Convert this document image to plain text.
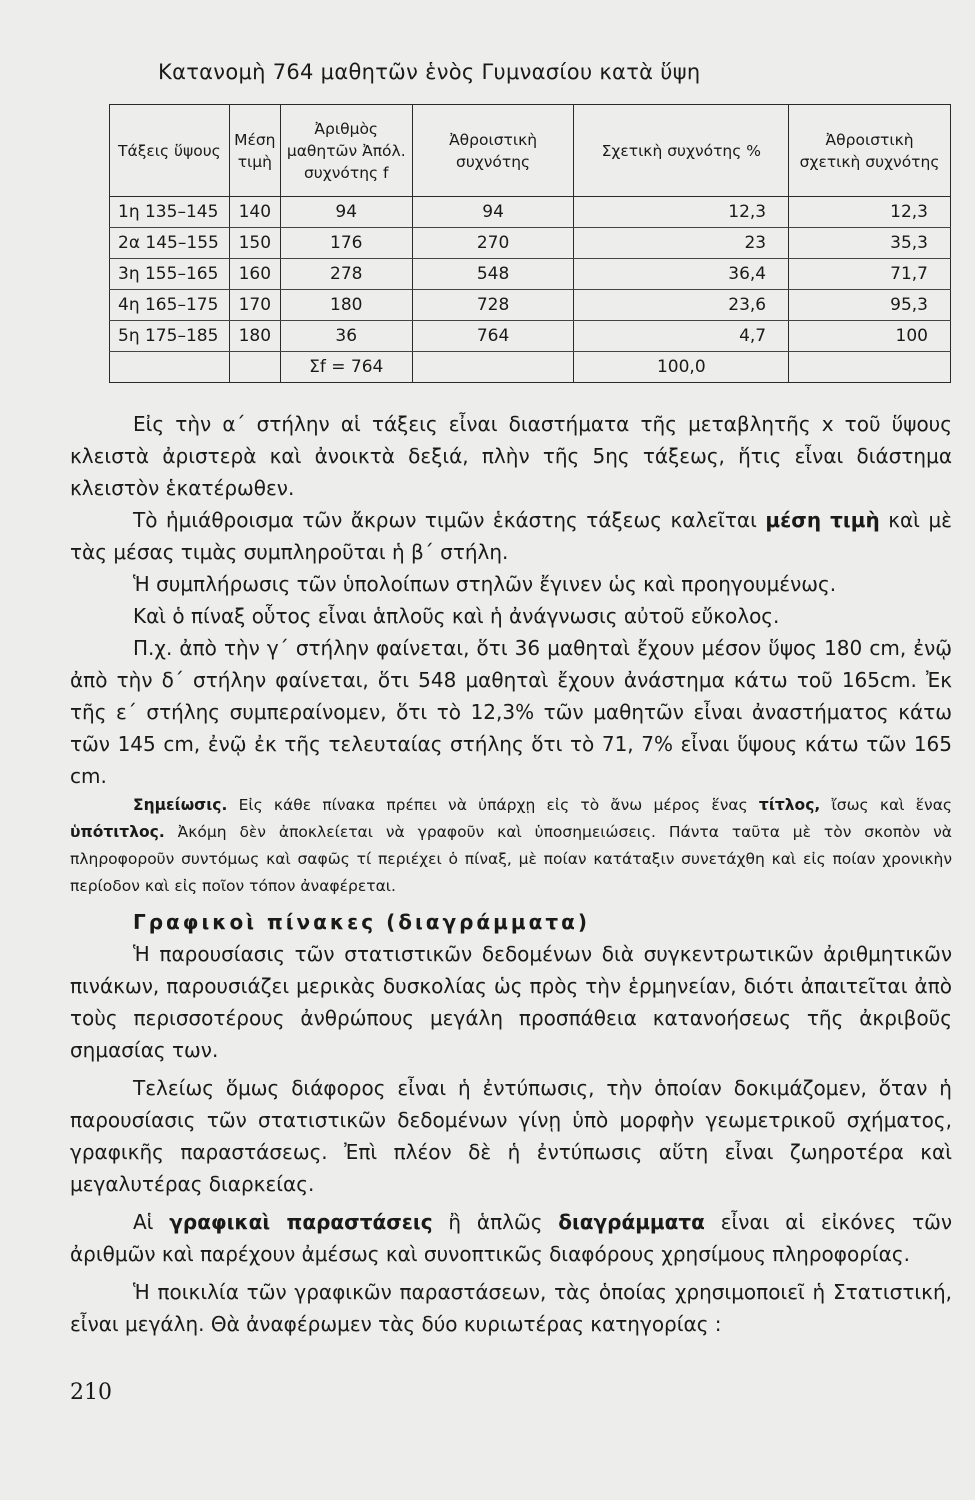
Κατανομὴ 764 μαθητῶν ἑνὸς Γυμνασίου κατὰ ὕψη
Τάξεις ὕψους	Μέση τιμὴ	Ἀριθμὸς μαθητῶν Ἀπόλ. συχνότης f	Ἀθροιστικὴ συχνότης	Σχετικὴ συχνότης %	Ἀθροιστικὴ σχετικὴ συχνότης
1η 135–145	140	94	94	12,3	12,3
2α 145–155	150	176	270	23	35,3
3η 155–165	160	278	548	36,4	71,7
4η 165–175	170	180	728	23,6	95,3
5η 175–185	180	36	764	4,7	100
		Σf = 764		100,0	

Εἰς τὴν α΄ στήλην αἱ τάξεις εἶναι διαστήματα τῆς μεταβλητῆς x τοῦ ὕψους κλειστὰ ἀριστερὰ καὶ ἀνοικτὰ δεξιά, πλὴν τῆς 5ης τάξεως, ἥτις εἶναι διάστημα κλειστὸν ἑκατέρωθεν.

Τὸ ἡμιάθροισμα τῶν ἄκρων τιμῶν ἑκάστης τάξεως καλεῖται μέση τιμὴ καὶ μὲ τὰς μέσας τιμὰς συμπληροῦται ἡ β΄ στήλη.

Ἡ συμπλήρωσις τῶν ὑπολοίπων στηλῶν ἔγινεν ὡς καὶ προηγουμένως.

Καὶ ὁ πίναξ οὗτος εἶναι ἁπλοῦς καὶ ἡ ἀνάγνωσις αὐτοῦ εὔκολος.

Π.χ. ἀπὸ τὴν γ΄ στήλην φαίνεται, ὅτι 36 μαθηταὶ ἔχουν μέσον ὕψος 180 cm, ἐνῷ ἀπὸ τὴν δ΄ στήλην φαίνεται, ὅτι 548 μαθηταὶ ἔχουν ἀνάστημα κάτω τοῦ 165cm. Ἐκ τῆς ε΄ στήλης συμπεραίνομεν, ὅτι τὸ 12,3% τῶν μαθητῶν εἶναι ἀναστήματος κάτω τῶν 145 cm, ἐνῷ ἐκ τῆς τελευταίας στήλης ὅτι τὸ 71, 7% εἶναι ὕψους κάτω τῶν 165 cm.

Σημείωσις. Εἰς κάθε πίνακα πρέπει νὰ ὑπάρχῃ εἰς τὸ ἄνω μέρος ἕνας τίτλος, ἴσως καὶ ἕνας ὑπότιτλος. Ἀκόμη δὲν ἀποκλείεται νὰ γραφοῦν καὶ ὑποσημειώσεις. Πάντα ταῦτα μὲ τὸν σκοπὸν νὰ πληροφοροῦν συντόμως καὶ σαφῶς τί περιέχει ὁ πίναξ, μὲ ποίαν κατάταξιν συνετάχθη καὶ εἰς ποίαν χρονικὴν περίοδον καὶ εἰς ποῖον τόπον ἀναφέρεται.

Γραφικοὶ πίνακες (διαγράμματα)

Ἡ παρουσίασις τῶν στατιστικῶν δεδομένων διὰ συγκεντρωτικῶν ἀριθμητικῶν πινάκων, παρουσιάζει μερικὰς δυσκολίας ὡς πρὸς τὴν ἑρμηνείαν, διότι ἀπαιτεῖται ἀπὸ τοὺς περισσοτέρους ἀνθρώπους μεγάλη προσπάθεια κατανοήσεως τῆς ἀκριβοῦς σημασίας των.

Τελείως ὅμως διάφορος εἶναι ἡ ἐντύπωσις, τὴν ὁποίαν δοκιμάζομεν, ὅταν ἡ παρουσίασις τῶν στατιστικῶν δεδομένων γίνῃ ὑπὸ μορφὴν γεωμετρικοῦ σχήματος, γραφικῆς παραστάσεως. Ἐπὶ πλέον δὲ ἡ ἐντύπωσις αὕτη εἶναι ζωηροτέρα καὶ μεγαλυτέρας διαρκείας.

Αἱ γραφικαὶ παραστάσεις ἢ ἁπλῶς διαγράμματα εἶναι αἱ εἰκόνες τῶν ἀριθμῶν καὶ παρέχουν ἀμέσως καὶ συνοπτικῶς διαφόρους χρησίμους πληροφορίας.

Ἡ ποικιλία τῶν γραφικῶν παραστάσεων, τὰς ὁποίας χρησιμοποιεῖ ἡ Στατιστική, εἶναι μεγάλη. Θὰ ἀναφέρωμεν τὰς δύο κυριωτέρας κατηγορίας :

210
